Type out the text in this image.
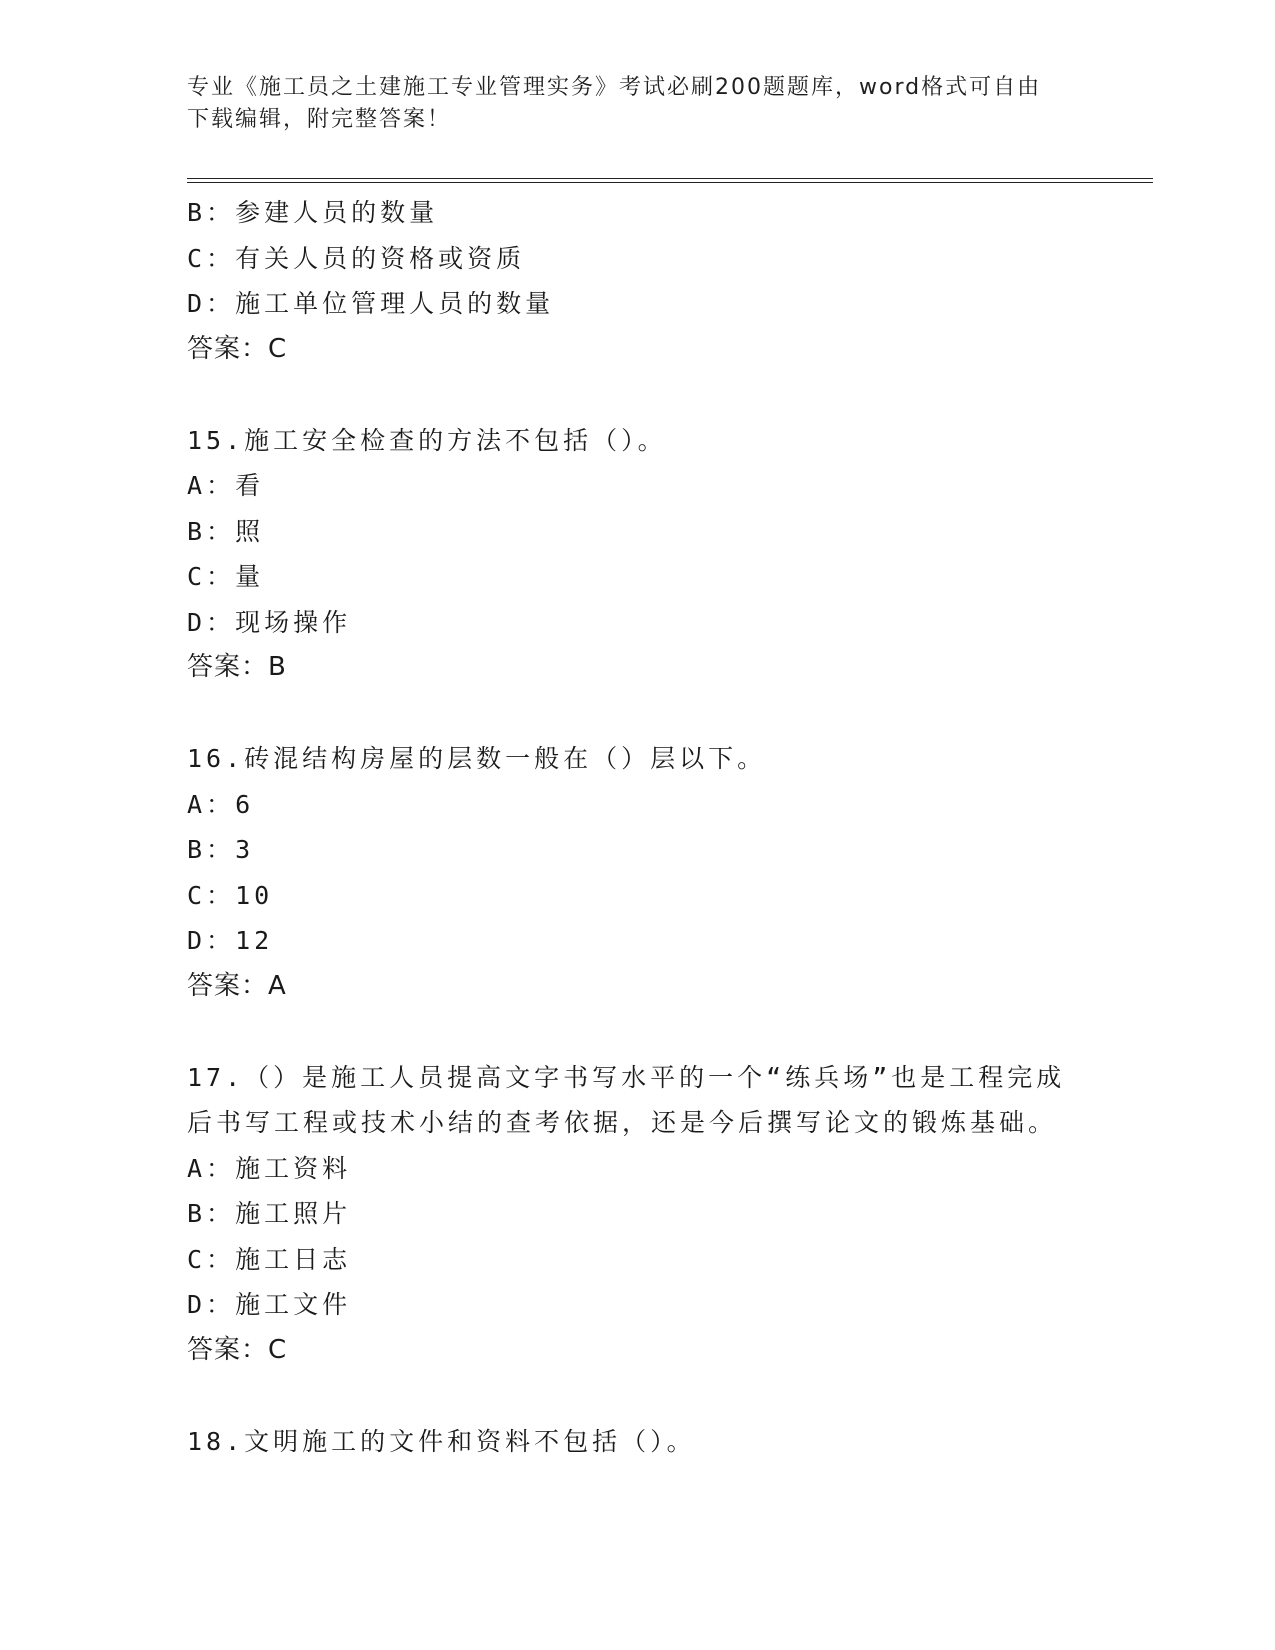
专业《施工员之土建施工专业管理实务》考试必刷200题题库，word格式可自由
下载编辑，附完整答案！
B：参建人员的数量
C：有关人员的资格或资质
D：施工单位管理人员的数量
答案：C
15.施工安全检查的方法不包括（）。
A：看
B：照
C：量
D：现场操作
答案：B
16.砖混结构房屋的层数一般在（）层以下。
A：6
B：3
C：10
D：12
答案：A
17.（）是施工人员提高文字书写水平的一个“练兵场”也是工程完成
后书写工程或技术小结的查考依据，还是今后撰写论文的锻炼基础。
A：施工资料
B：施工照片
C：施工日志
D：施工文件
答案：C
18.文明施工的文件和资料不包括（）。
